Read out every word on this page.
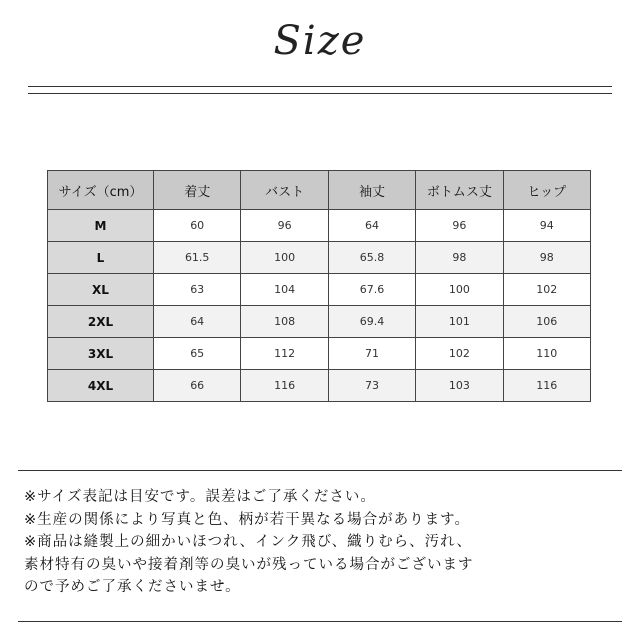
Size
サイズ（cm）	着丈	バスト	袖丈	ボトムス丈	ヒップ
M	60	96	64	96	94
L	61.5	100	65.8	98	98
XL	63	104	67.6	100	102
2XL	64	108	69.4	101	106
3XL	65	112	71	102	110
4XL	66	116	73	103	116
※サイズ表記は目安です。誤差はご了承ください。
※生産の関係により写真と色、柄が若干異なる場合があります。
※商品は縫製上の細かいほつれ、インク飛び、織りむら、汚れ、
素材特有の臭いや接着剤等の臭いが残っている場合がございます
ので予めご了承くださいませ。
